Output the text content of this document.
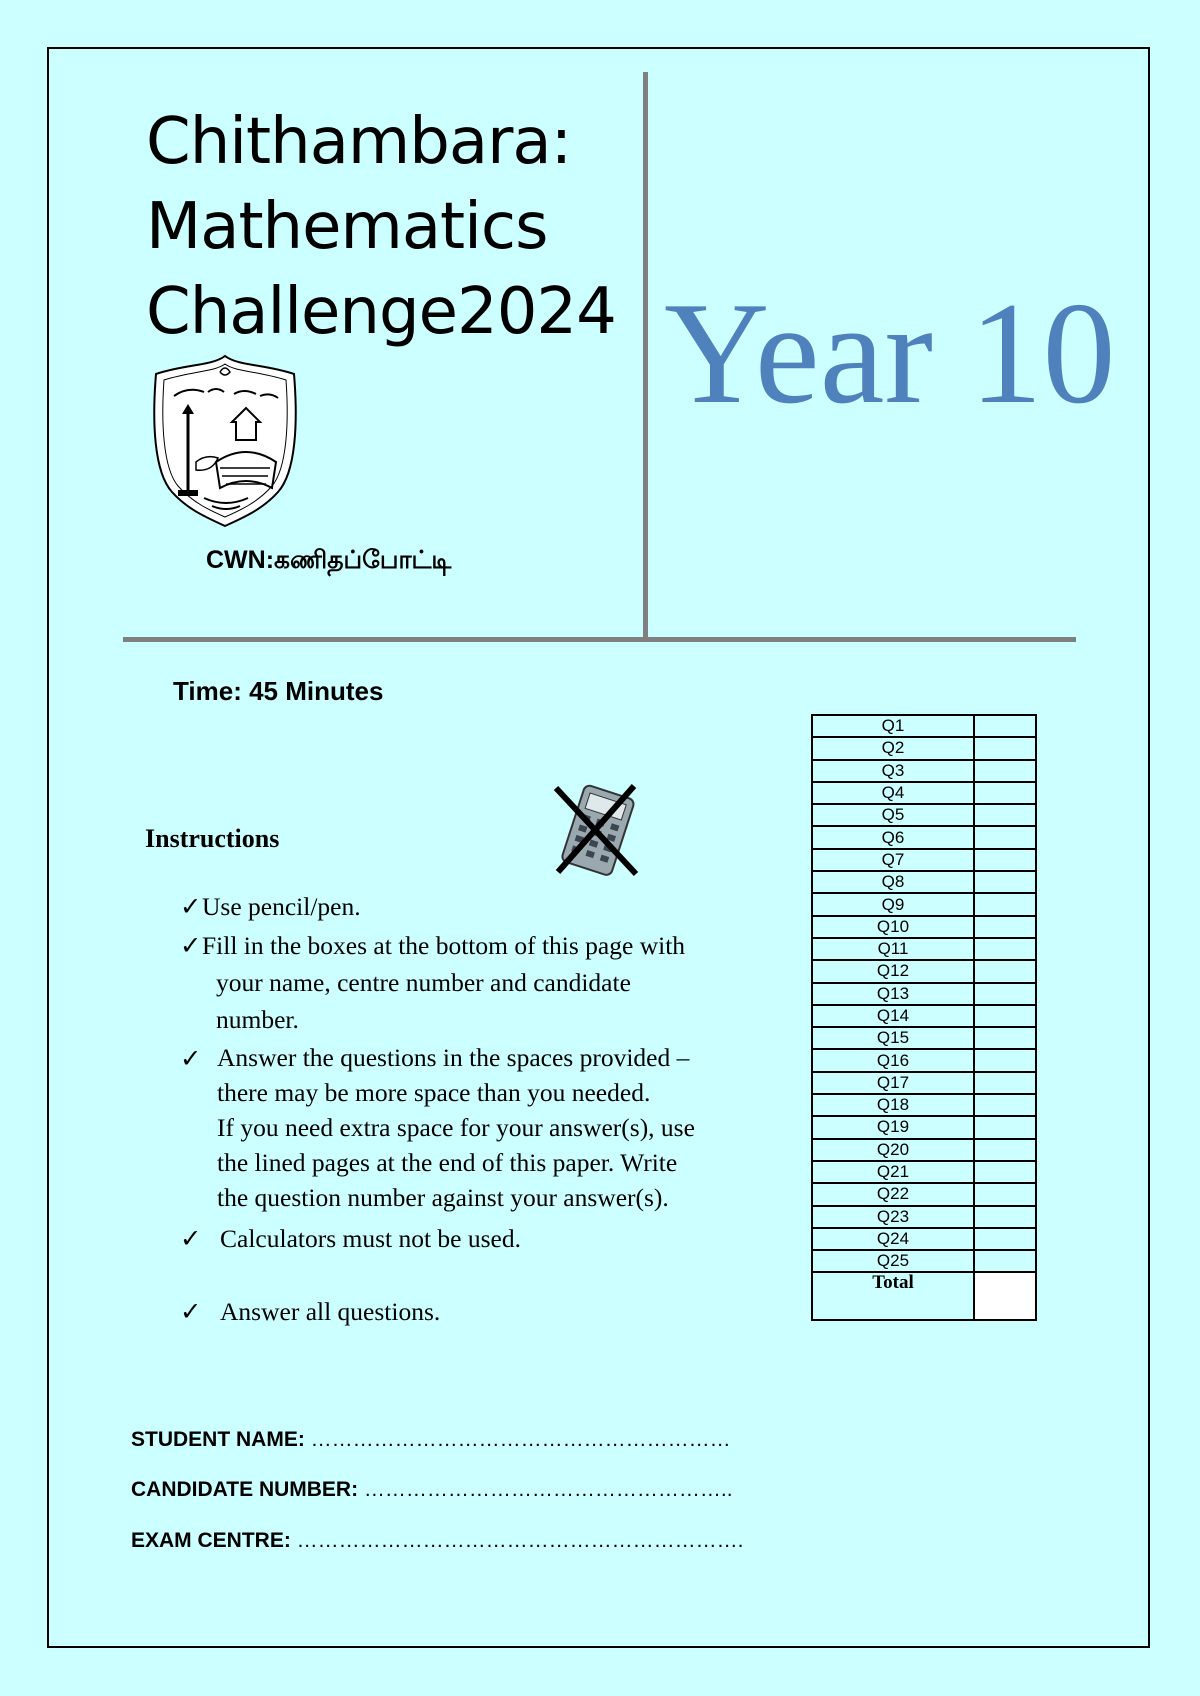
Chithambara:
Mathematics
Challenge2024 Year 10
CWN:கணிதப்போட்டி
Time: 45 Minutes
Instructions
✓ Use pencil/pen.
✓ Fill in the boxes at the bottom of this page with
your name, centre number and candidate
number.
✓ Answer the questions in the spaces provided –
there may be more space than you needed.
If you need extra space for your answer(s), use
the lined pages at the end of this paper. Write
the question number against your answer(s).
✓ Calculators must not be used.
✓ Answer all questions.
Q1	
Q2	
Q3	
Q4	
Q5	
Q6	
Q7	
Q8	
Q9	
Q10	
Q11	
Q12	
Q13	
Q14	
Q15	
Q16	
Q17	
Q18	
Q19	
Q20	
Q21	
Q22	
Q23	
Q24	
Q25	
Total	
STUDENT NAME: ……………………………………………………
CANDIDATE NUMBER: ……………………………………………..
EXAM CENTRE: ……………………………………………………….
